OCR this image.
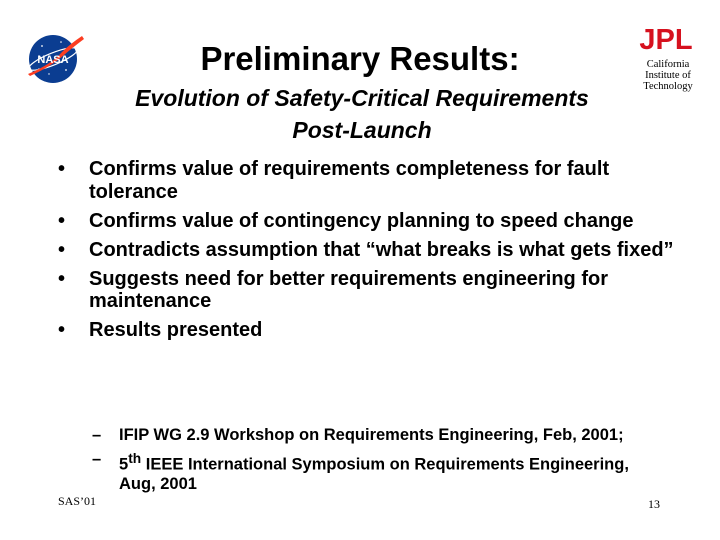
NASA
JPL
California
Institute of
Technology
Preliminary Results:
Evolution of Safety-Critical Requirements
Post-Launch
• Confirms value of requirements completeness for fault tolerance
• Confirms value of contingency planning to speed change
• Contradicts assumption that “what breaks is what gets fixed”
• Suggests need for better requirements engineering for maintenance
• Results presented
– IFIP WG 2.9 Workshop on Requirements Engineering, Feb, 2001;
– 5th IEEE International Symposium on Requirements Engineering, Aug, 2001
SAS’01	13
